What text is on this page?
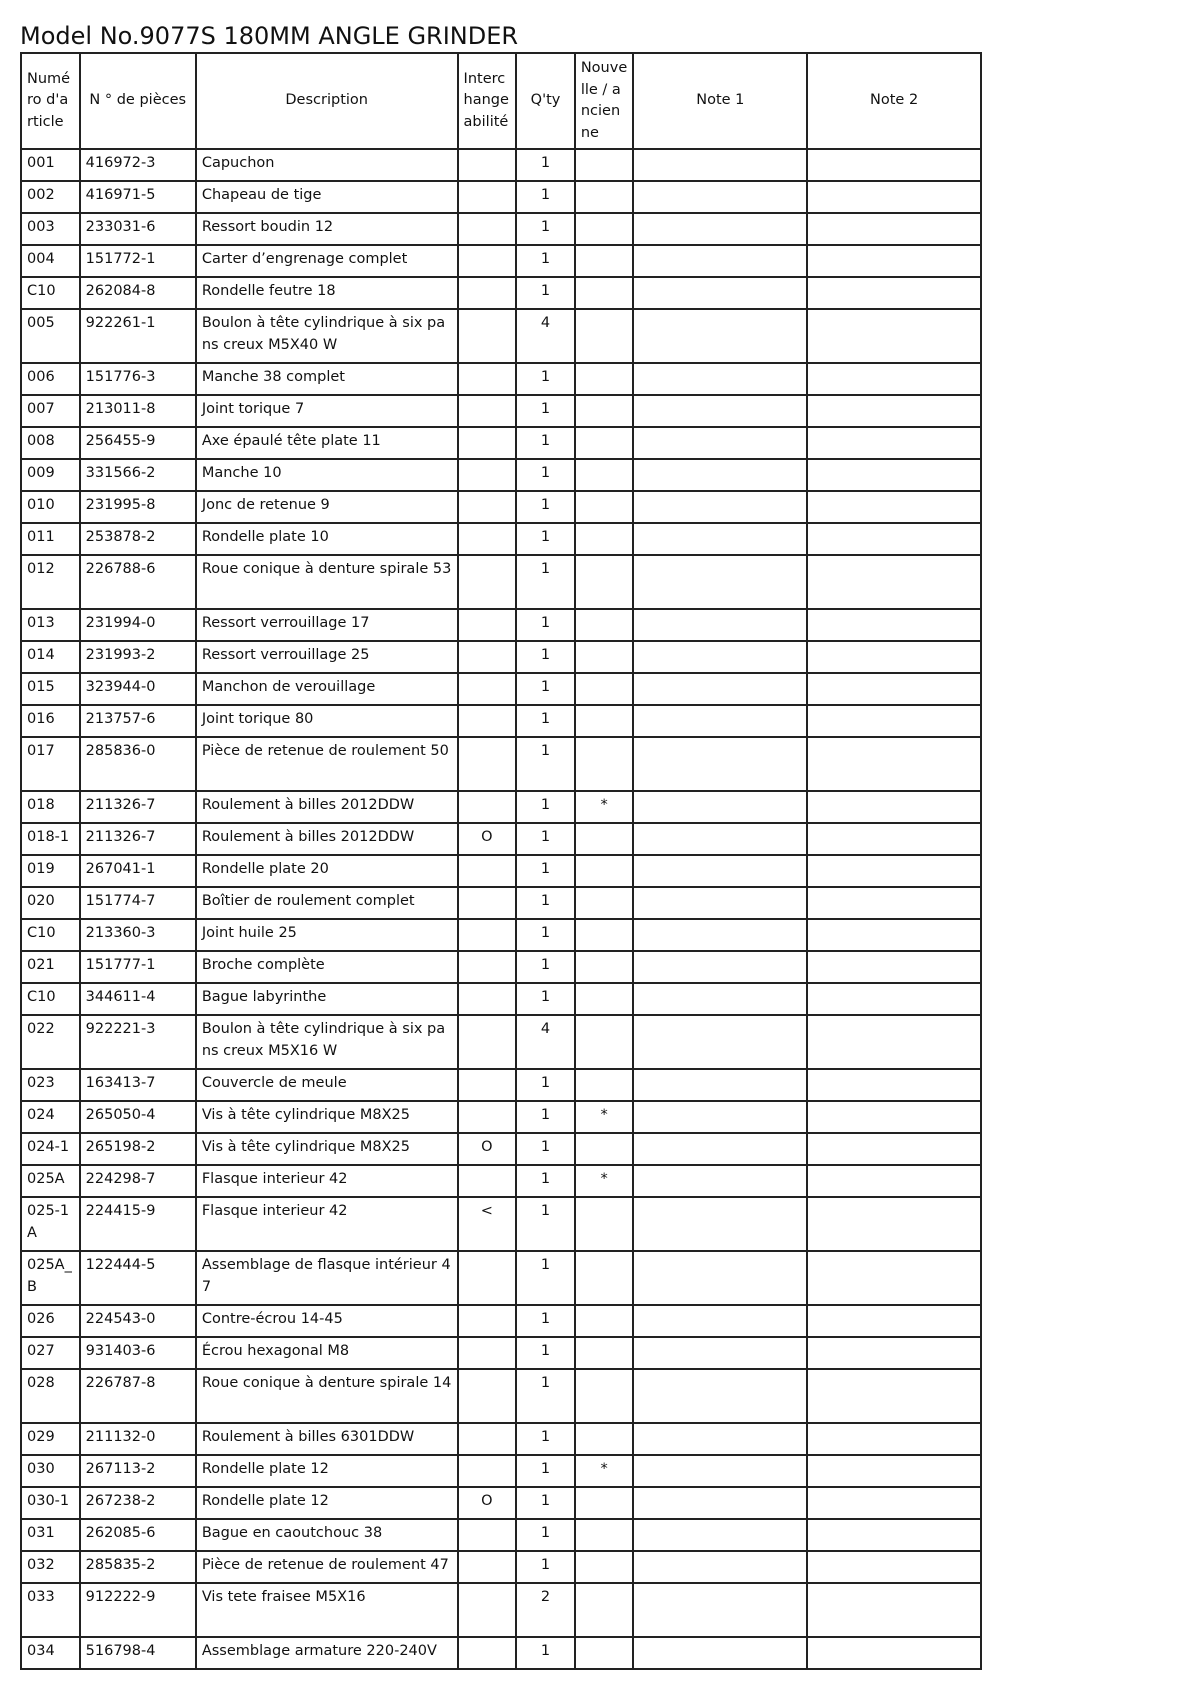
Model No.9077S 180MM ANGLE GRINDER
Numéro d'article	N ° de pièces	Description	Interchangeabilité	Q'ty	Nouvelle / ancienne	Note 1	Note 2
001	416972-3	Capuchon		1			
002	416971-5	Chapeau de tige		1			
003	233031-6	Ressort boudin 12		1			
004	151772-1	Carter d’engrenage complet		1			
C10	262084-8	Rondelle feutre 18		1			
005	922261-1	Boulon à tête cylindrique à six pans creux M5X40 W		4			
006	151776-3	Manche 38 complet		1			
007	213011-8	Joint torique 7		1			
008	256455-9	Axe épaulé tête plate 11		1			
009	331566-2	Manche 10		1			
010	231995-8	Jonc de retenue 9		1			
011	253878-2	Rondelle plate 10		1			
012	226788-6	Roue conique à denture spirale 53		1			
013	231994-0	Ressort verrouillage 17		1			
014	231993-2	Ressort verrouillage 25		1			
015	323944-0	Manchon de verouillage		1			
016	213757-6	Joint torique 80		1			
017	285836-0	Pièce de retenue de roulement 50		1			
018	211326-7	Roulement à billes 2012DDW		1	*		
018-1	211326-7	Roulement à billes 2012DDW	O	1			
019	267041-1	Rondelle plate 20		1			
020	151774-7	Boîtier de roulement complet		1			
C10	213360-3	Joint huile 25		1			
021	151777-1	Broche complète		1			
C10	344611-4	Bague labyrinthe		1			
022	922221-3	Boulon à tête cylindrique à six pans creux M5X16 W		4			
023	163413-7	Couvercle de meule		1			
024	265050-4	Vis à tête cylindrique M8X25		1	*		
024-1	265198-2	Vis à tête cylindrique M8X25	O	1			
025A	224298-7	Flasque interieur 42		1	*		
025-1A	224415-9	Flasque interieur 42	<	1			
025A_B	122444-5	Assemblage de flasque intérieur 47		1			
026	224543-0	Contre-écrou 14-45		1			
027	931403-6	Écrou hexagonal M8		1			
028	226787-8	Roue conique à denture spirale 14		1			
029	211132-0	Roulement à billes 6301DDW		1			
030	267113-2	Rondelle plate 12		1	*		
030-1	267238-2	Rondelle plate 12	O	1			
031	262085-6	Bague en caoutchouc 38		1			
032	285835-2	Pièce de retenue de roulement 47		1			
033	912222-9	Vis tete fraisee M5X16		2			
034	516798-4	Assemblage armature 220-240V		1			
